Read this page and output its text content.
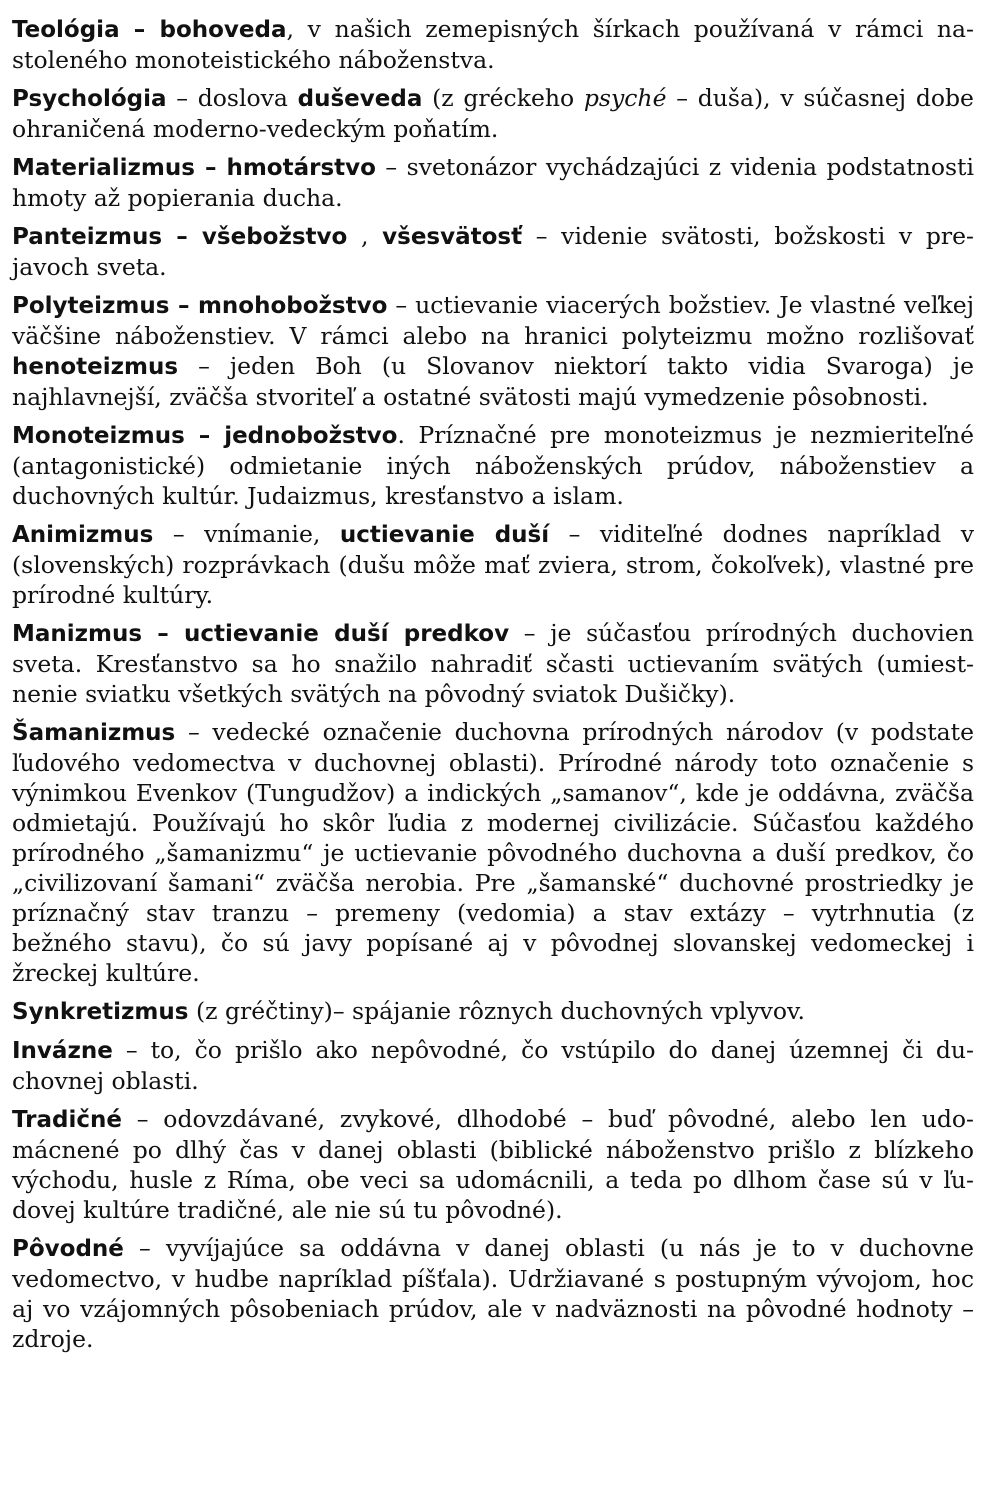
Teológia – bohoveda, v našich zemepisných šírkach používaná v rámci nastoleného monoteistického náboženstva.

Psychológia – doslova duševeda (z gréckeho psyché – duša), v súčasnej dobe ohraničená moderno-vedeckým poňatím.

Materializmus – hmotárstvo – svetonázor vychádzajúci z videnia podstatnosti hmoty až popierania ducha.

Panteizmus – všebožstvo , všesvätosť – videnie svätosti, božskosti v prejavoch sveta.

Polyteizmus – mnohobožstvo – uctievanie viacerých božstiev. Je vlastné veľkej väčšine náboženstiev. V rámci alebo na hranici polyteizmu možno rozlišovať henoteizmus – jeden Boh (u Slovanov niektorí takto vidia Svaroga) je najhlavnejší, zväčša stvoriteľ a ostatné svätosti majú vymedzenie pôsobnosti.

Monoteizmus – jednobožstvo. Príznačné pre monoteizmus je nezmieriteľné (antagonistické) odmietanie iných náboženských prúdov, náboženstiev a duchovných kultúr. Judaizmus, kresťanstvo a islam.

Animizmus – vnímanie, uctievanie duší – viditeľné dodnes napríklad v (slovenských) rozprávkach (dušu môže mať zviera, strom, čokoľvek), vlastné pre prírodné kultúry.

Manizmus – uctievanie duší predkov – je súčasťou prírodných duchovien sveta. Kresťanstvo sa ho snažilo nahradiť sčasti uctievaním svätých (umiestnenie sviatku všetkých svätých na pôvodný sviatok Dušičky).

Šamanizmus – vedecké označenie duchovna prírodných národov (v podstate ľudového vedomectva v duchovnej oblasti). Prírodné národy toto označenie s výnimkou Evenkov (Tungudžov) a indických „samanov“, kde je oddávna, zväčša odmietajú. Používajú ho skôr ľudia z modernej civilizácie. Súčasťou každého prírodného „šamanizmu“ je uctievanie pôvodného duchovna a duší predkov, čo „civilizovaní šamani“ zväčša nerobia. Pre „šamanské“ duchovné prostriedky je príznačný stav tranzu – premeny (vedomia) a stav extázy – vytrhnutia (z bežného stavu), čo sú javy popísané aj v pôvodnej slovanskej vedomeckej i žreckej kultúre.

Synkretizmus (z gréčtiny)– spájanie rôznych duchovných vplyvov.

Invázne – to, čo prišlo ako nepôvodné, čo vstúpilo do danej územnej či duchovnej oblasti.

Tradičné – odovzdávané, zvykové, dlhodobé – buď pôvodné, alebo len udomácnené po dlhý čas v danej oblasti (biblické náboženstvo prišlo z blízkeho východu, husle z Ríma, obe veci sa udomácnili, a teda po dlhom čase sú v ľudovej kultúre tradičné, ale nie sú tu pôvodné).

Pôvodné – vyvíjajúce sa oddávna v danej oblasti (u nás je to v duchovne vedomectvo, v hudbe napríklad píšťala). Udržiavané s postupným vývojom, hoc aj vo vzájomných pôsobeniach prúdov, ale v nadväznosti na pôvodné hodnoty – zdroje.
